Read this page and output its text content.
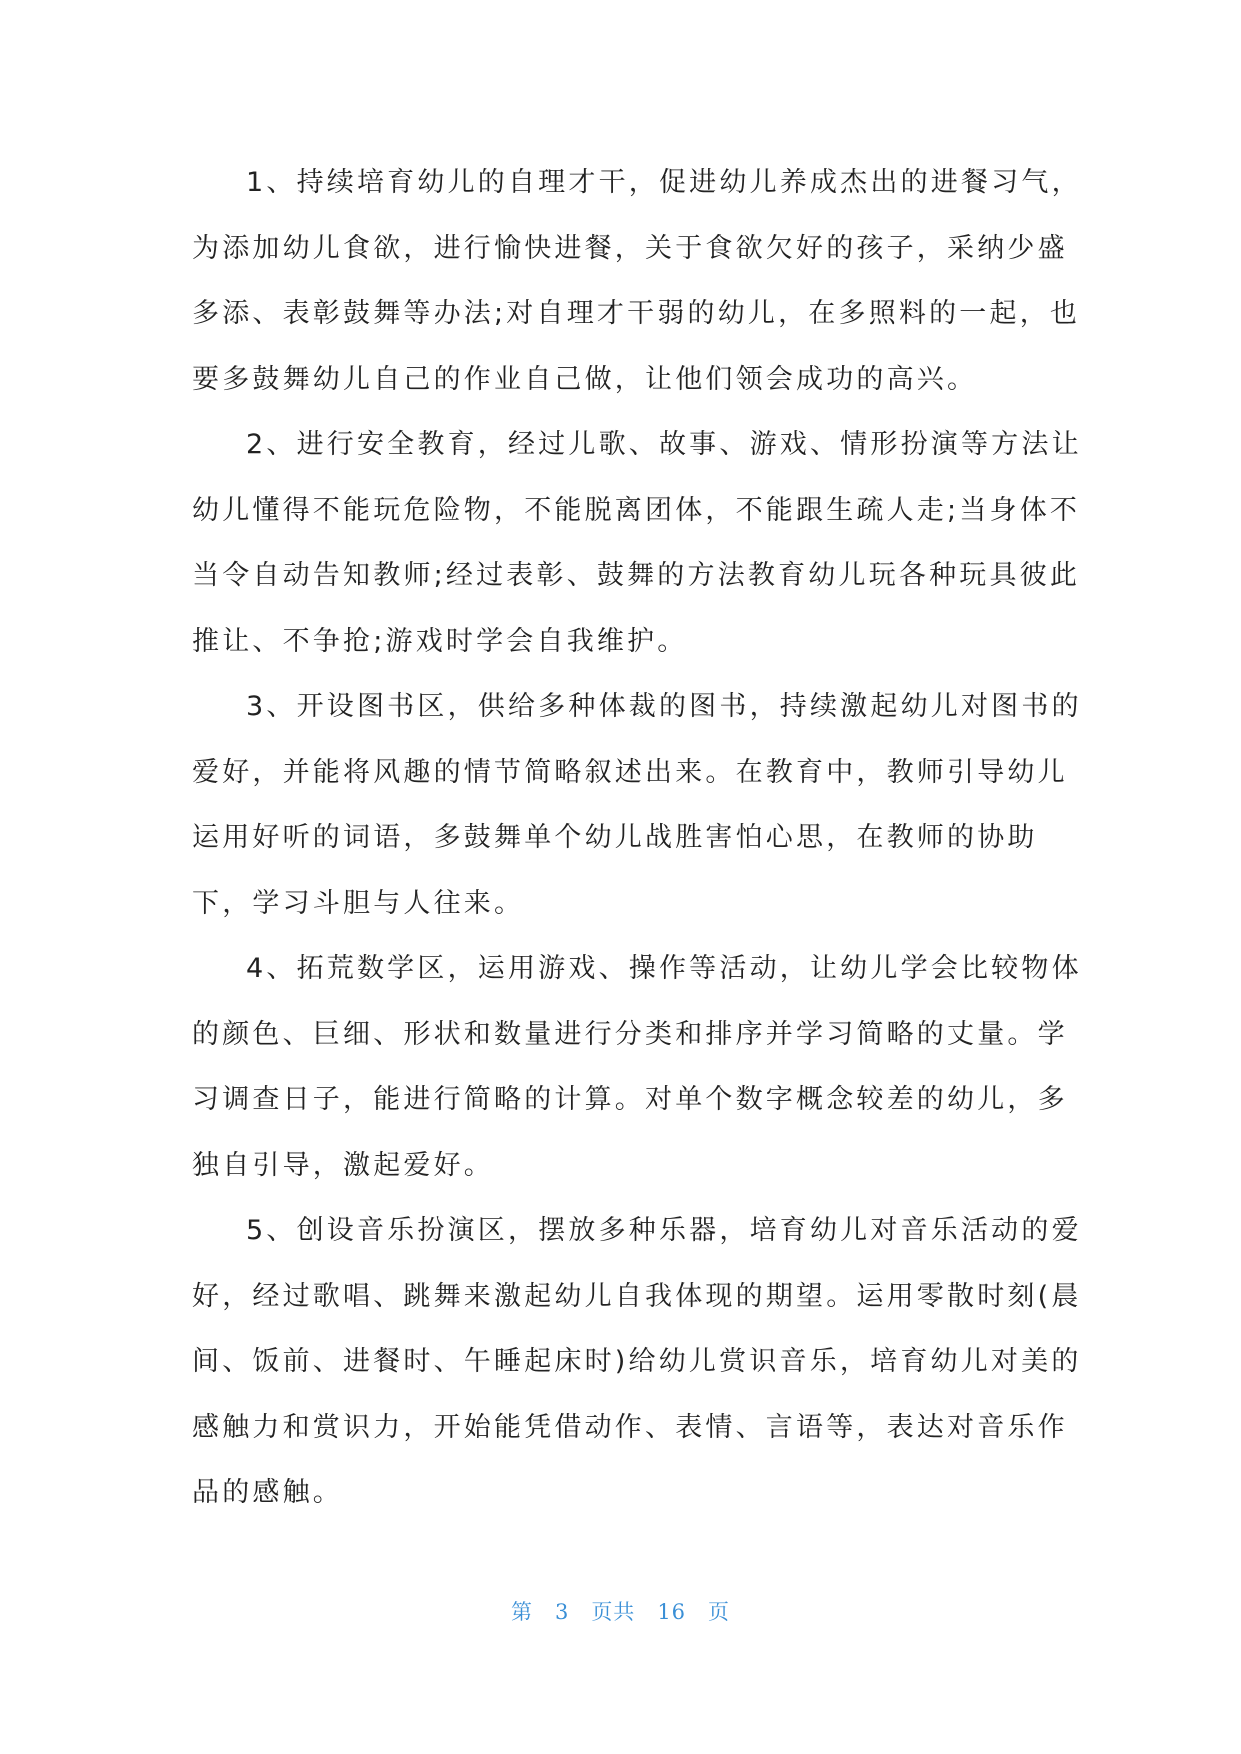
1、持续培育幼儿的自理才干，促进幼儿养成杰出的进餐习气，
为添加幼儿食欲，进行愉快进餐，关于食欲欠好的孩子，采纳少盛
多添、表彰鼓舞等办法;对自理才干弱的幼儿，在多照料的一起，也
要多鼓舞幼儿自己的作业自己做，让他们领会成功的高兴。
2、进行安全教育，经过儿歌、故事、游戏、情形扮演等方法让
幼儿懂得不能玩危险物，不能脱离团体，不能跟生疏人走;当身体不
当令自动告知教师;经过表彰、鼓舞的方法教育幼儿玩各种玩具彼此
推让、不争抢;游戏时学会自我维护。
3、开设图书区，供给多种体裁的图书，持续激起幼儿对图书的
爱好，并能将风趣的情节简略叙述出来。在教育中，教师引导幼儿
运用好听的词语，多鼓舞单个幼儿战胜害怕心思，在教师的协助
下，学习斗胆与人往来。
4、拓荒数学区，运用游戏、操作等活动，让幼儿学会比较物体
的颜色、巨细、形状和数量进行分类和排序并学习简略的丈量。学
习调查日子，能进行简略的计算。对单个数字概念较差的幼儿，多
独自引导，激起爱好。
5、创设音乐扮演区，摆放多种乐器，培育幼儿对音乐活动的爱
好，经过歌唱、跳舞来激起幼儿自我体现的期望。运用零散时刻(晨
间、饭前、进餐时、午睡起床时)给幼儿赏识音乐，培育幼儿对美的
感触力和赏识力，开始能凭借动作、表情、言语等，表达对音乐作
品的感触。
第 3 页共 16 页
